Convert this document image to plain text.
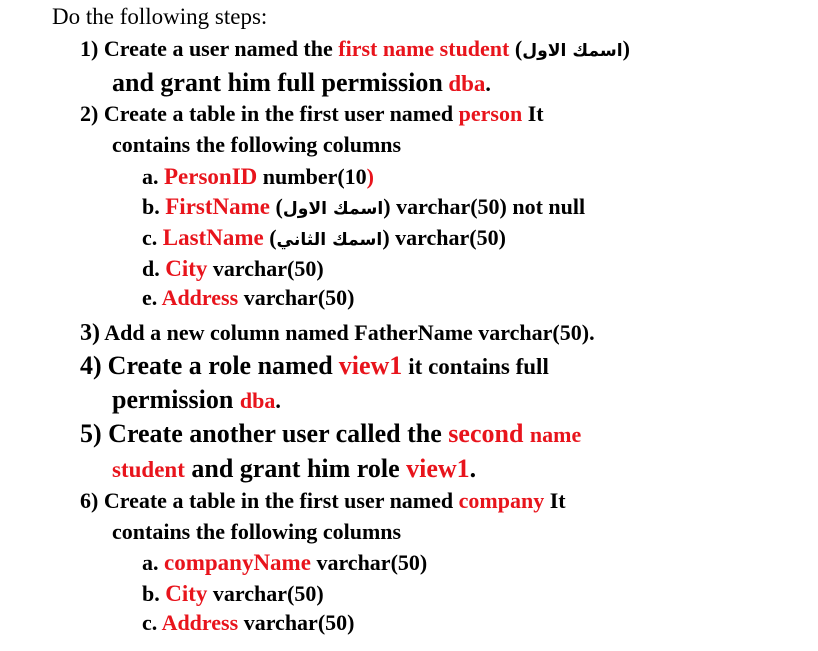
Do the following steps:
1) Create a user named the first name student (اسمك الاول)
and grant him full permission dba.
2) Create a table in the first user named person It
contains the following columns
a. PersonID number(10)
b. FirstName (اسمك الاول) varchar(50) not null
c. LastName (اسمك الثاني) varchar(50)
d. City varchar(50)
e. Address varchar(50)
3) Add a new column named FatherName varchar(50).
4) Create a role named view1 it contains full
permission dba.
5) Create another user called the second name
student and grant him role view1.
6) Create a table in the first user named company It
contains the following columns
a. companyName varchar(50)
b. City varchar(50)
c. Address varchar(50)
